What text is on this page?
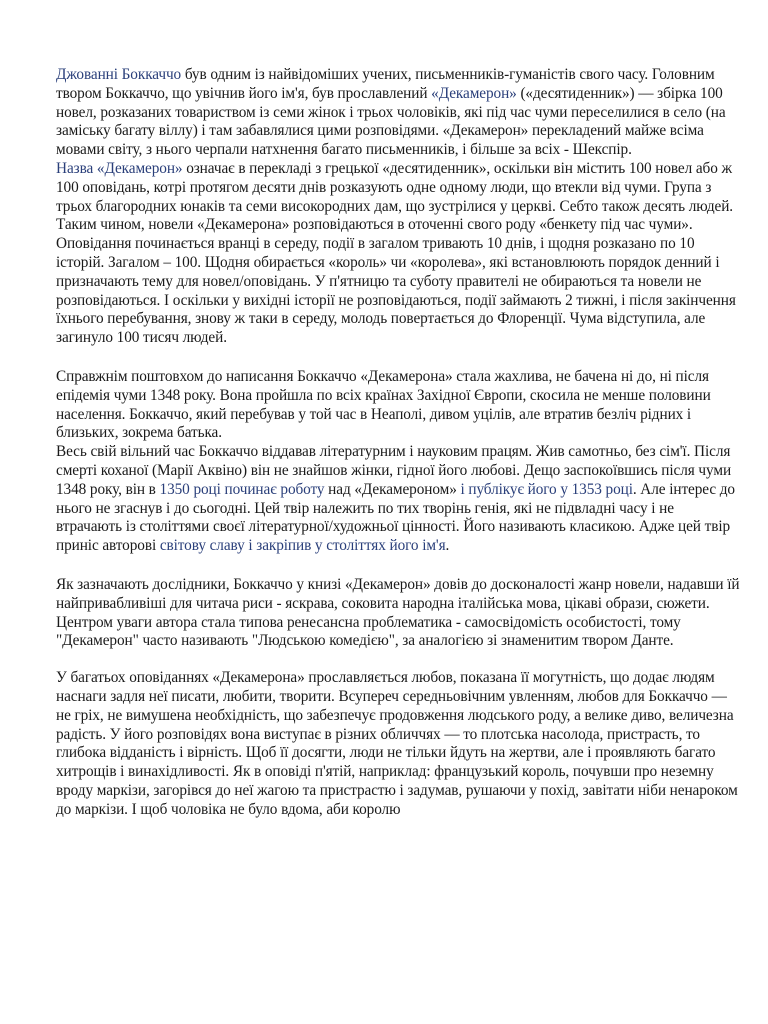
Джованні Боккаччо був одним із найвідоміших учених, письменників-гуманістів свого часу. Головним твором Боккаччо, що увічнив його ім'я, був прославлений «Декамерон» («десятиденник») — збірка 100 новел, розказаних товариством із семи жінок і трьох чоловіків, які під час чуми переселилися в село (на заміську багату віллу) і там забавлялися цими розповідями. «Декамерон» перекладений майже всіма мовами світу, з нього черпали натхнення багато письменників, і більше за всіх - Шекспір.

Назва «Декамерон» означає в перекладі з грецької «десятиденник», оскільки він містить 100 новел або ж 100 оповідань, котрі протягом десяти днів розказують одне одному люди, що втекли від чуми. Група з трьох благородних юнаків та семи високородних дам, що зустрілися у церкві. Себто також десять людей. Таким чином, новели «Декамерона» розповідаються в оточенні свого роду «бенкету під час чуми». Оповідання починається вранці в середу, події в загалом тривають 10 днів, і щодня розказано по 10 історій. Загалом – 100. Щодня обирається «король» чи «королева», які встановлюють порядок денний і призначають тему для новел/оповідань. У п'ятницю та суботу правителі не обираються та новели не розповідаються. І оскільки у вихідні історії не розповідаються, події займають 2 тижні, і після закінчення їхнього перебування, знову ж таки в середу, молодь повертається до Флоренції. Чума відступила, але загинуло 100 тисяч людей.

Справжнім поштовхом до написання Боккаччо «Декамерона» стала жахлива, не бачена ні до, ні після епідемія чуми 1348 року. Вона пройшла по всіх країнах Західної Європи, скосила не менше половини населення. Боккаччо, який перебував у той час в Неаполі, дивом уцілів, але втратив безліч рідних і близьких, зокрема батька.

Весь свій вільний час Боккаччо віддавав літературним і науковим працям. Жив самотньо, без сім'ї. Після смерті коханої (Марії Аквіно) він не знайшов жінки, гідної його любові. Дещо заспокоївшись після чуми 1348 року, він в 1350 році починає роботу над «Декамероном» і публікує його у 1353 році. Але інтерес до нього не згаснув і до сьогодні. Цей твір належить по тих творінь генія, які не підвладні часу і не втрачають із століттями своєї літературної/художньої цінності. Його називають класикою. Адже цей твір приніс авторові світову славу і закріпив у століттях його ім'я.

Як зазначають дослідники, Боккаччо у книзі «Декамерон» довів до досконалості жанр новели, надавши їй найпривабливіші для читача риси - яскрава, соковита народна італійська мова, цікаві образи, сюжети. Центром уваги автора стала типова ренесансна проблематика - самосвідомість особистості, тому "Декамерон" часто називають "Людською комедією", за аналогією зі знаменитим твором Данте.

У багатьох оповіданнях «Декамерона» прославляється любов, показана її могутність, що додає людям наснаги задля неї писати, любити, творити. Всупереч середньовічним увленням, любов для Боккаччо — не гріх, не вимушена необхідність, що забезпечує продовження людського роду, а велике диво, величезна радість. У його розповідях вона виступає в різних обличчях — то плотська насолода, пристрасть, то глибока відданість і вірність. Щоб її досягти, люди не тільки йдуть на жертви, але і проявляють багато хитрощів і винахідливості. Як в оповіді п'ятій, наприклад: французький король, почувши про неземну вроду маркізи, загорівся до неї жагою та пристрастю і задумав, рушаючи у похід, завітати ніби ненароком до маркізи. І щоб чоловіка не було вдома, аби королю
